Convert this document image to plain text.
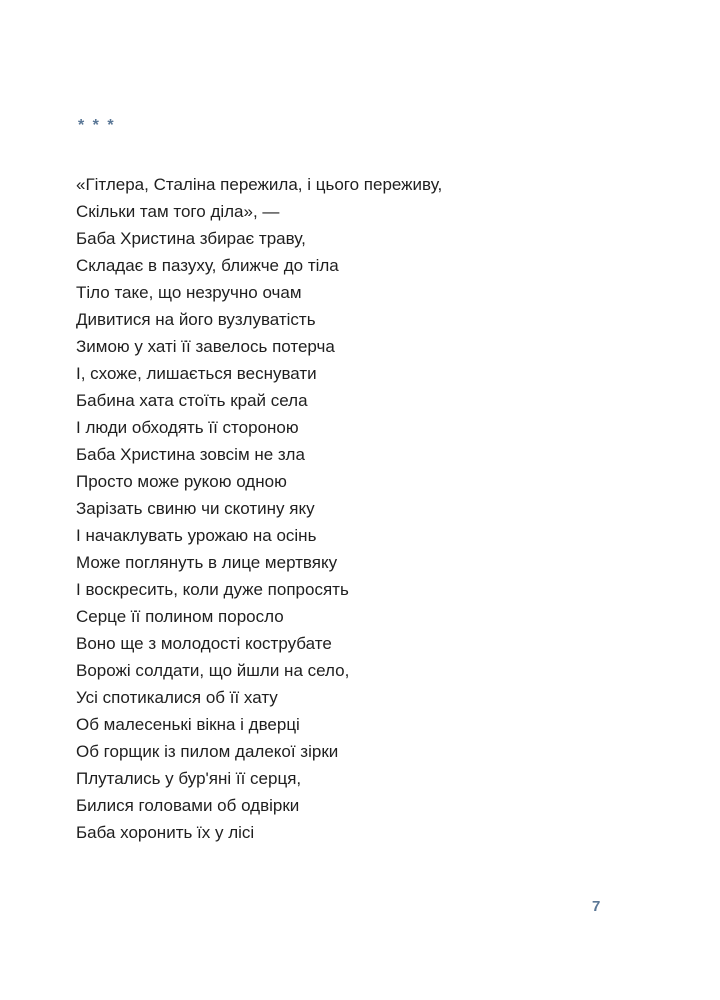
* * *
«Гітлера, Сталіна пережила, і цього переживу,
Скільки там того діла», —
Баба Христина збирає траву,
Складає в пазуху, ближче до тіла
Тіло таке, що незручно очам
Дивитися на його вузлуватість
Зимою у хаті її завелось потерча
І, схоже, лишається веснувати
Бабина хата стоїть край села
І люди обходять її стороною
Баба Христина зовсім не зла
Просто може рукою одною
Зарізать свиню чи скотину яку
І начаклувать урожаю на осінь
Може поглянуть в лице мертвяку
І воскресить, коли дуже попросять
Серце її полином поросло
Воно ще з молодості кострубате
Ворожі солдати, що йшли на село,
Усі спотикалися об її хату
Об малесенькі вікна і дверці
Об горщик із пилом далекої зірки
Плутались у бур'яні її серця,
Билися головами об одвірки
Баба хоронить їх у лісі
7
